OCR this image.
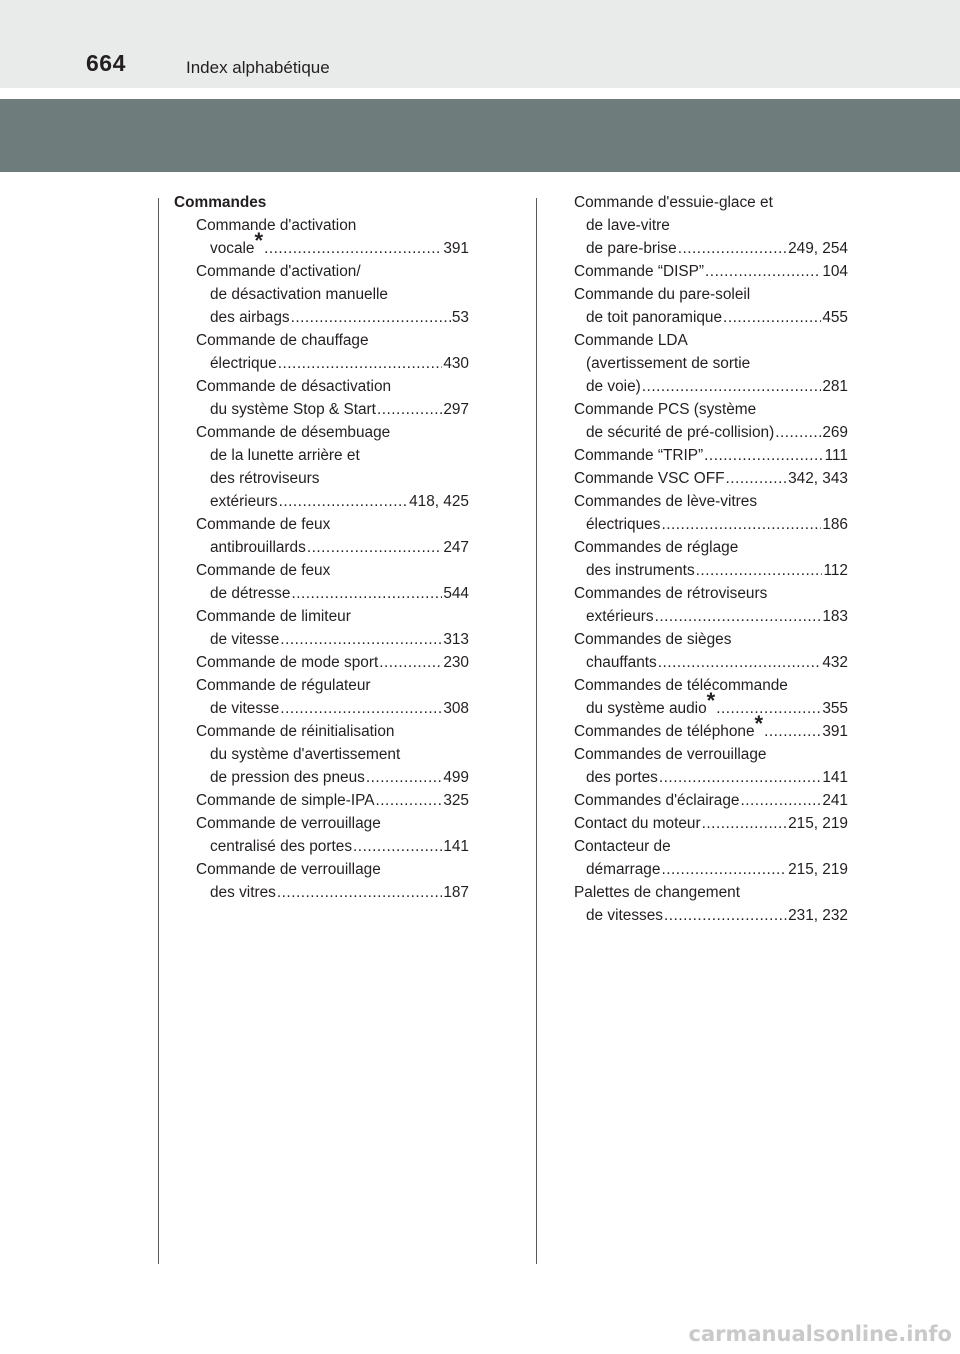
664	Index alphabétique
Commandes
Commande d'activation
vocale * .....	391
Commande d'activation/
de désactivation manuelle
des airbags .....	53
Commande de chauffage
électrique .....	430
Commande de désactivation
du système Stop & Start .....	297
Commande de désembuage
de la lunette arrière et
des rétroviseurs
extérieurs .....	418, 425
Commande de feux
antibrouillards .....	247
Commande de feux
de détresse .....	544
Commande de limiteur
de vitesse .....	313
Commande de mode sport .....	230
Commande de régulateur
de vitesse .....	308
Commande de réinitialisation
du système d'avertissement
de pression des pneus .....	499
Commande de simple-IPA .....	325
Commande de verrouillage
centralisé des portes .....	141
Commande de verrouillage
des vitres .....	187
Commande d'essuie-glace et
de lave-vitre
de pare-brise .....	249, 254
Commande “DISP” .....	104
Commande du pare-soleil
de toit panoramique .....	455
Commande LDA
(avertissement de sortie
de voie) .....	281
Commande PCS (système
de sécurité de pré-collision) .....	269
Commande “TRIP” .....	111
Commande VSC OFF .....	342, 343
Commandes de lève-vitres
électriques .....	186
Commandes de réglage
des instruments .....	112
Commandes de rétroviseurs
extérieurs .....	183
Commandes de sièges
chauffants .....	432
Commandes de télécommande
du système audio * .....	355
Commandes de téléphone * .....	391
Commandes de verrouillage
des portes .....	141
Commandes d'éclairage .....	241
Contact du moteur .....	215, 219
Contacteur de
démarrage .....	215, 219
Palettes de changement
de vitesses .....	231, 232
carmanualsonline.info
